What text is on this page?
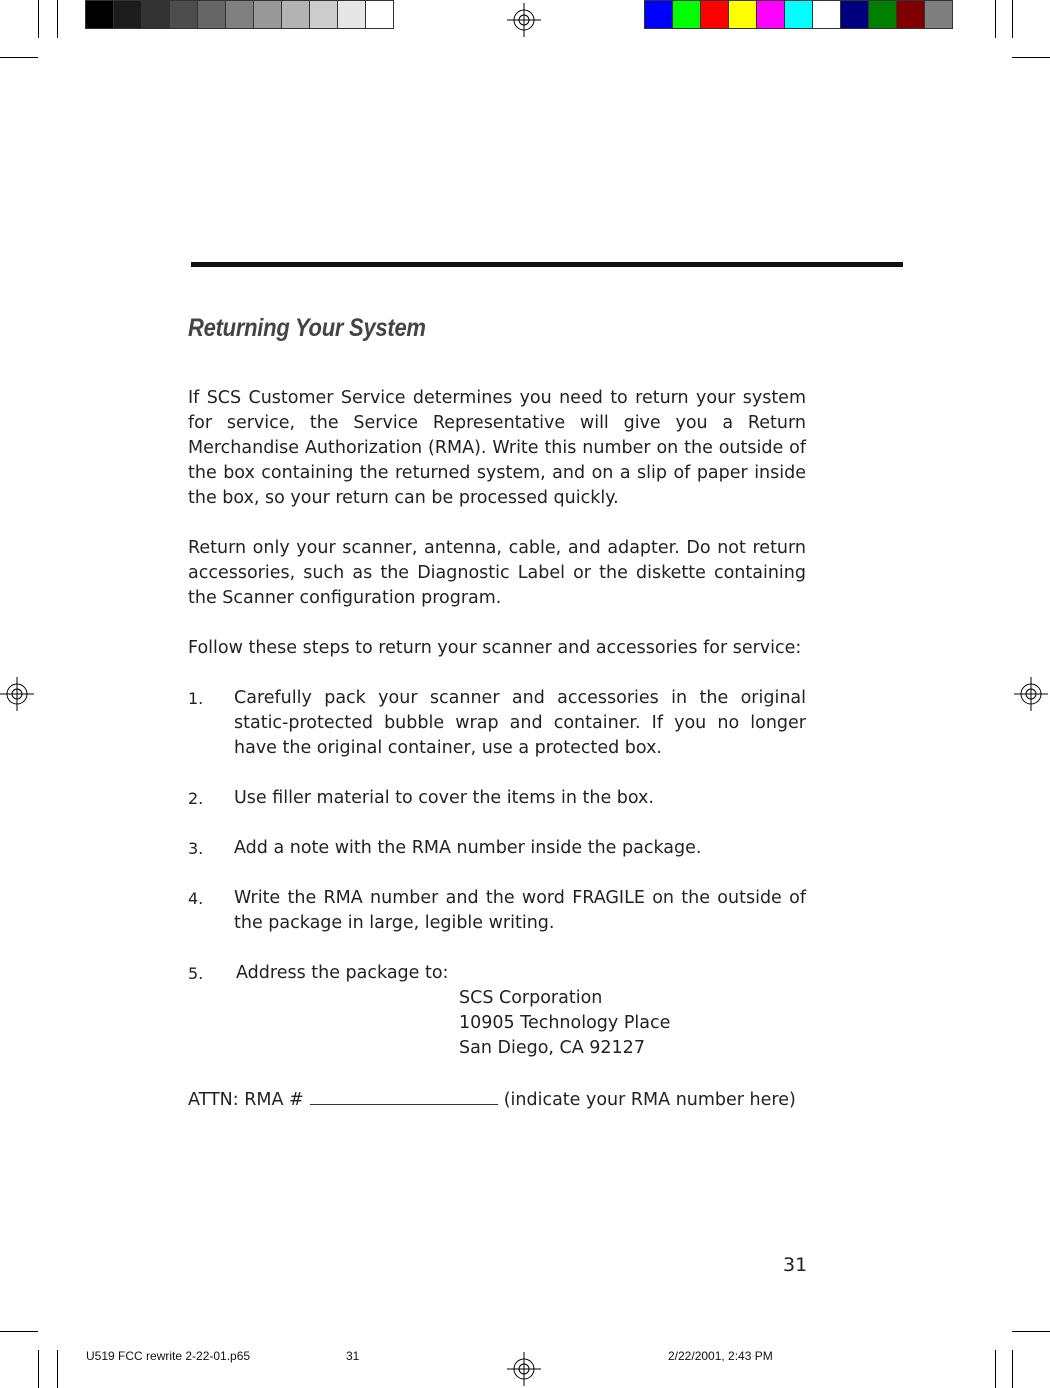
Returning Your System

If SCS Customer Service determines you need to return your system for service, the Service Representative will give you a Return Merchandise Authorization (RMA). Write this number on the outside of the box containing the returned system, and on a slip of paper inside the box, so your return can be processed quickly.

Return only your scanner, antenna, cable, and adapter. Do not return accessories, such as the Diagnostic Label or the diskette containing the Scanner configuration program.

Follow these steps to return your scanner and accessories for service:

1. Carefully pack your scanner and accessories in the original static-protected bubble wrap and container. If you no longer have the original container, use a protected box.
2. Use filler material to cover the items in the box.
3. Add a note with the RMA number inside the package.
4. Write the RMA number and the word FRAGILE on the outside of the package in large, legible writing.
5. Address the package to:
SCS Corporation
10905 Technology Place
San Diego, CA 92127
ATTN: RMA #	(indicate your RMA number here)
31
U519 FCC rewrite 2-22-01.p65	31	2/22/2001, 2:43 PM
